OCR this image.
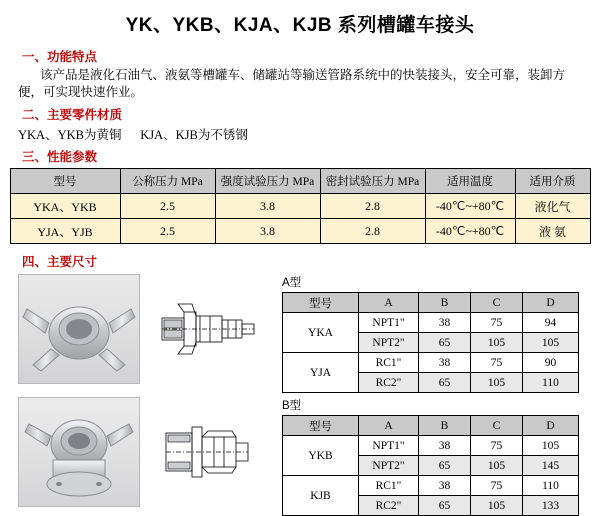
YK、YKB、KJA、KJB 系列槽罐车接头
一、功能特点
该产品是液化石油气、液氨等槽罐车、储罐站等输送管路系统中的快装接头，安全可靠，装卸方便，可实现快速作业。
二、主要零件材质
YKA、YKB为黄铜      KJA、KJB为不锈钢
三、性能参数
型号	公称压力 MPa	强度试验压力 MPa	密封试验压力 MPa	适用温度	适用介质
YKA、YKB	2.5	3.8	2.8	-40℃~+80℃	液化气
YJA、YJB	2.5	3.8	2.8	-40℃~+80℃	液 氨
四、主要尺寸
A型
型号	A	B	C	D
YKA	NPT1"	38	75	94
	NPT2"	65	105	105
YJA	RC1"	38	75	90
	RC2"	65	105	110
B型
型号	A	B	C	D
YKB	NPT1"	38	75	105
	NPT2"	65	105	145
KJB	RC1"	38	75	110
	RC2"	65	105	133
